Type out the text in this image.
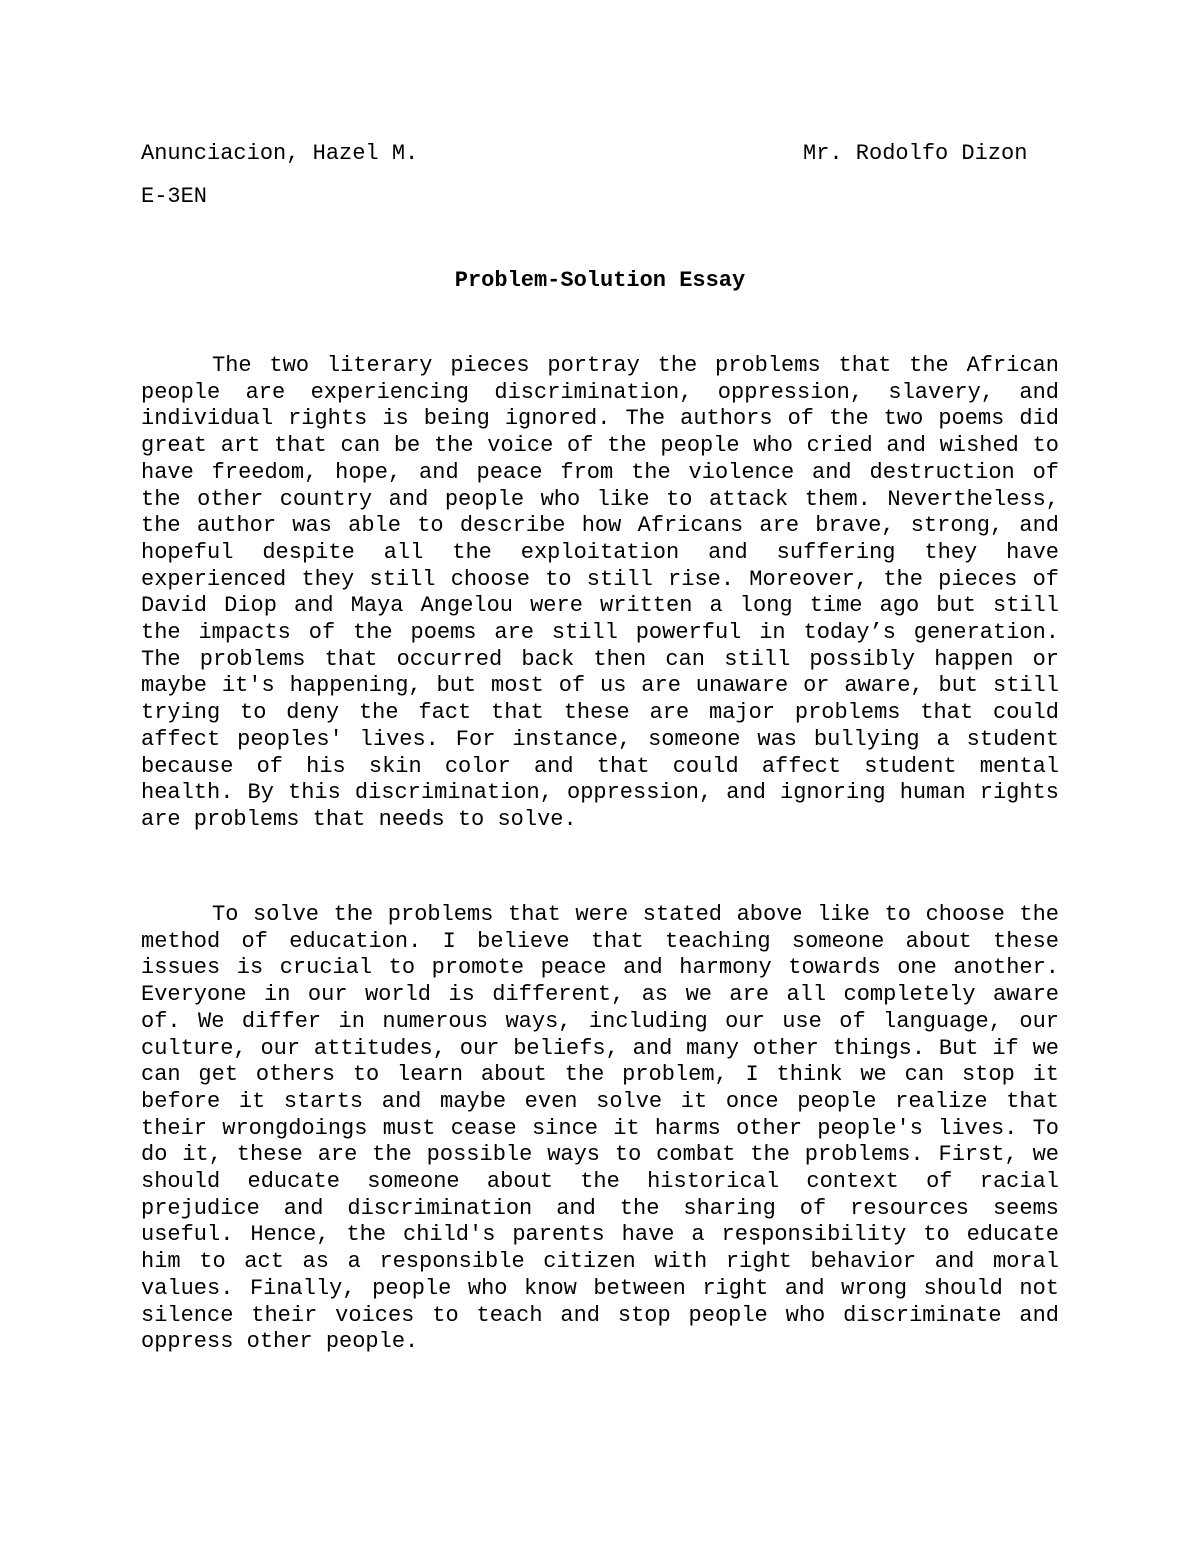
Anunciacion, Hazel M.	Mr. Rodolfo Dizon
E-3EN
Problem-Solution Essay

The two literary pieces portray the problems that the African people are experiencing discrimination, oppression, slavery, and individual rights is being ignored. The authors of the two poems did great art that can be the voice of the people who cried and wished to have freedom, hope, and peace from the violence and destruction of the other country and people who like to attack them. Nevertheless, the author was able to describe how Africans are brave, strong, and hopeful despite all the exploitation and suffering they have experienced they still choose to still rise. Moreover, the pieces of David Diop and Maya Angelou were written a long time ago but still the impacts of the poems are still powerful in today’s generation. The problems that occurred back then can still possibly happen or maybe it's happening, but most of us are unaware or aware, but still trying to deny the fact that these are major problems that could affect peoples' lives. For instance, someone was bullying a student because of his skin color and that could affect student mental health. By this discrimination, oppression, and ignoring human rights are problems that needs to solve.

To solve the problems that were stated above like to choose the method of education. I believe that teaching someone about these issues is crucial to promote peace and harmony towards one another. Everyone in our world is different, as we are all completely aware of. We differ in numerous ways, including our use of language, our culture, our attitudes, our beliefs, and many other things. But if we can get others to learn about the problem, I think we can stop it before it starts and maybe even solve it once people realize that their wrongdoings must cease since it harms other people's lives. To do it, these are the possible ways to combat the problems. First, we should educate someone about the historical context of racial prejudice and discrimination and the sharing of resources seems useful. Hence, the child's parents have a responsibility to educate him to act as a responsible citizen with right behavior and moral values. Finally, people who know between right and wrong should not silence their voices to teach and stop people who discriminate and oppress other people.
